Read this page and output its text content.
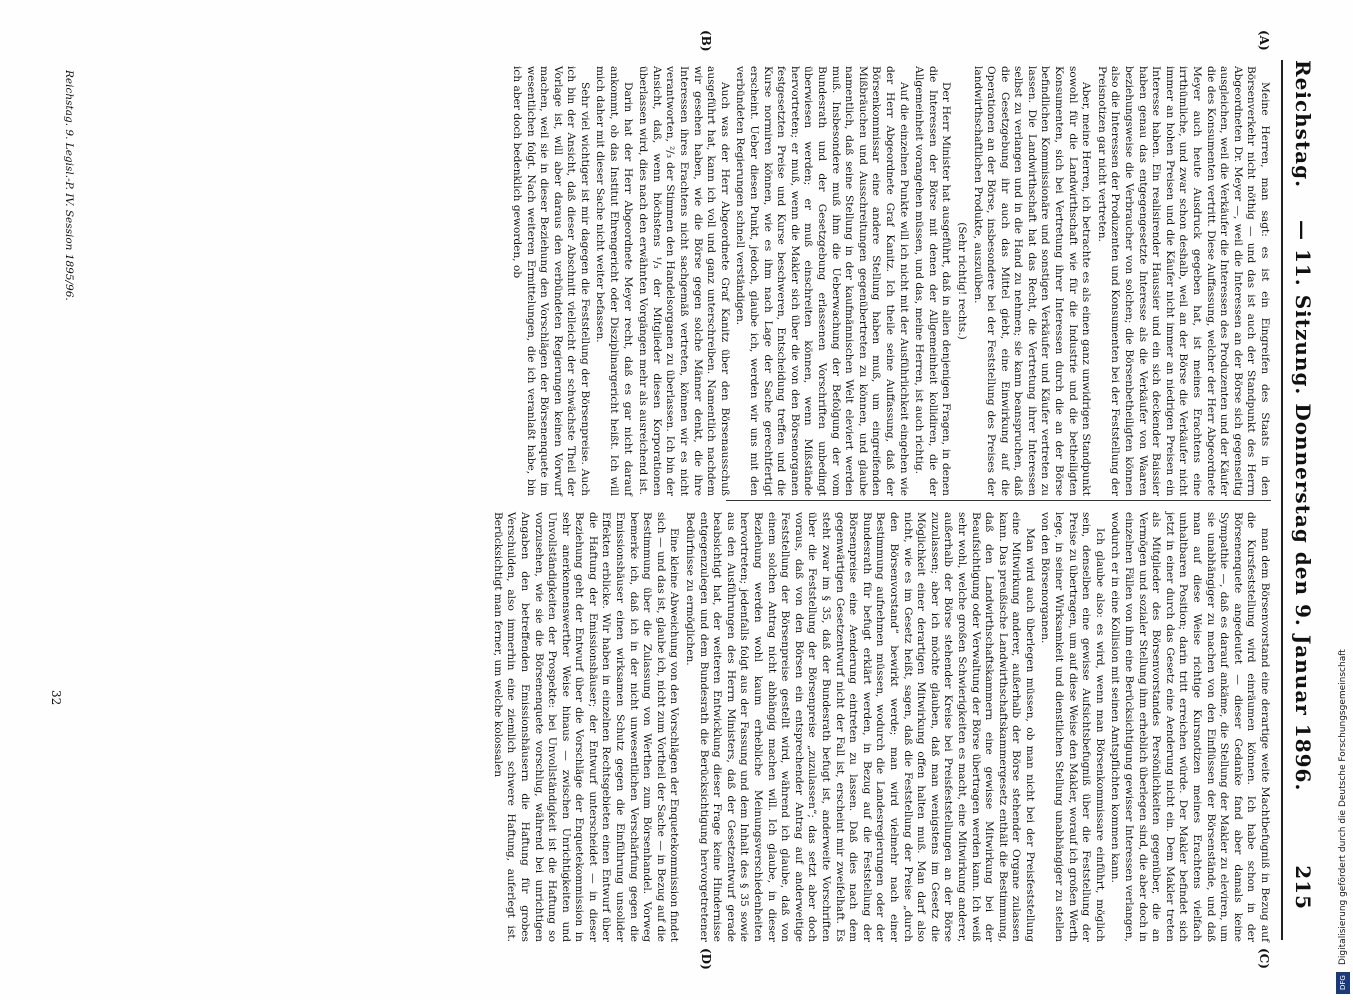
Reichstag.
— 11. Sitzung. Donnerstag den 9. Januar 1896.
215
(A)
(B)
(C)
(D)

Meine Herren, man sagt: es ist ein Eingreifen des Staats in den Börsenverkehr nicht nöthig — und das ist auch der Standpunkt des Herrn Abgeordneten Dr. Meyer —, weil die Interessen an der Börse sich gegenseitig ausgleichen, weil die Verkäufer die Interessen des Produzenten und der Käufer die des Konsumenten vertritt. Diese Auffassung, welcher der Herr Abgeordnete Meyer auch heute Ausdruck gegeben hat, ist meines Erachtens eine irrthümliche, und zwar schon deshalb, weil an der Börse die Verkäufer nicht immer an hohen Preisen und die Käufer nicht immer an niedrigen Preisen ein Interesse haben. Ein realisirender Haussier und ein sich deckender Baissier haben genau das entgegengesetzte Interesse als die Verkäufer von Waaren beziehungsweise die Verbraucher von solchen; die Börsenbetheiligten können also die Interessen der Produzenten und Konsumenten bei der Feststellung der Preisnotizen gar nicht vertreten.

Aber, meine Herren, ich betrachte es als einen ganz unwidrigen Standpunkt sowohl für die Landwirthschaft wie für die Industrie und die betheiligten Konsumenten, sich bei Vertretung ihrer Interessen durch die an der Börse befindlichen Kommissionäre und sonstigen Verkäufer und Käufer vertreten zu lassen. Die Landwirthschaft hat das Recht, die Vertretung ihrer Interessen selbst zu verlangen und in die Hand zu nehmen; sie kann beanspruchen, daß die Gesetzgebung ihr auch das Mittel giebt, eine Einwirkung auf die Operationen an der Börse, insbesondere bei der Feststellung des Preises der landwirthschaftlichen Produkte, auszuüben.

(Sehr richtig! rechts.)

Der Herr Minister hat ausgeführt, daß in allen denjenigen Fragen, in denen die Interessen der Börse mit denen der Allgemeinheit kollidiren, die der Allgemeinheit vorangehen müssen, und das, meine Herren, ist auch richtig.

Auf die einzelnen Punkte will ich nicht mit der Ausführlichkeit eingehen wie der Herr Abgeordnete Graf Kanitz. Ich theile seine Auffassung, daß der Börsenkommissar eine andere Stellung haben muß, um eingreifenden Mißbräuchen und Ausschreitungen gegenübertreten zu können, und glaube namentlich, daß seine Stellung in der kaufmännischen Welt eleviert werden muß. Insbesondere muß ihm die Ueberwachung der Befolgung der vom Bundesrath und der Gesetzgebung erlassenen Vorschriften unbedingt überwiesen werden; er muß einschreiten können, wenn Mißstände hervortreten; er muß, wenn die Makler sich über die von den Börsenorganen festgesetzten Preise und Kurse beschweren, Entscheidung treffen und die Kurse normiren können, wie es ihm nach Lage der Sache gerechtfertigt erscheint. Ueber diesen Punkt, jedoch, glaube ich, werden wir uns mit den verbündeten Regierungen schnell verständigen.

Auch was der Herr Abgeordnete Graf Kanitz über den Börsenausschuß ausgeführt hat, kann ich voll und ganz unterschreiben. Namentlich nachdem wir gesehen haben, wie die Börse gegen solche Männer denkt, die ihre Interessen ihres Erachtens nicht sachgemäß vertreten, können wir es nicht verantworten, ²/₃ der Stimmen den Handelsorganen zu überlassen. Ich bin der Ansicht, daß, wenn höchstens ¹/₃ der Mitglieder diesen Korporationen überlassen wird, dies nach den erwähnten Vorgängen mehr als ausreichend ist.

Darin hat der Herr Abgeordnete Meyer recht, daß es gar nicht darauf ankommt, ob das Institut Ehrengericht oder Disziplinargericht heißt. Ich will mich daher mit dieser Sache nicht weiter befassen.

Sehr viel wichtiger ist mir dagegen die Feststellung der Börsenpreise. Auch ich bin der Ansicht, daß dieser Abschnitt vielleicht der schwächste Theil der Vorlage ist, will aber daraus den verbündeten Regierungen keinen Vorwurf machen, weil sie in dieser Beziehung den Vorschlägen der Börsenenquete im wesentlichen folgt. Nach weiteren Ermittelungen, die ich veranlaßt habe, bin ich aber doch bedenklich geworden, ob

man dem Börsenvorstand eine derartige weite Machtbefugniß in Bezug auf die Kursfeststellung wird einräumen können. Ich habe schon in der Börsenenquete angedeutet — dieser Gedanke fand aber damals keine Sympathie —, daß es darauf ankäme, die Stellung der Makler zu eleviren, um sie unabhängiger zu machen von den Einflüssen der Börsenstände, und daß man auf diese Weise richtige Kursnotizen meines Erachtens vielfach unhaltbaren Position; darin tritt erreichen würde. Der Makler befindet sich jetzt in einer durch das Gesetz eine Aenderung nicht ein. Dem Makler treten als Mitglieder des Börsenvorstandes Persönlichkeiten gegenüber, die an Vermögen und sozialer Stellung ihm erheblich überlegen sind, die aber doch in einzelnen Fällen von ihm eine Berücksichtigung gewisser Interessen verlangen, wodurch er in eine Kollision mit seinen Amtspflichten kommen kann.

Ich glaube also: es wird, wenn man Börsenkommissare einführt, möglich sein, denselben eine gewisse Aufsichtsbefugniß über die Feststellung der Preise zu übertragen, um auf diese Weise den Makler, worauf ich großen Werth lege, in seiner Wirksamkeit und dienstlichen Stellung unabhängiger zu stellen von den Börsenorganen.

Man wird auch überlegen müssen, ob man nicht bei der Preisfeststellung eine Mitwirkung anderer, außerhalb der Börse stehender Organe zulassen kann. Das preußische Landwirthschaftskammergesetz enthält die Bestimmung, daß den Landwirthschaftskammern eine gewisse Mitwirkung bei der Beaufsichtigung oder Verwaltung der Börse übertragen werden kann. Ich weiß sehr wohl, welche großen Schwierigkeiten es macht, eine Mitwirkung anderer, außerhalb der Börse stehender Kreise bei Preisfeststellungen an der Börse zuzulassen; aber ich möchte glauben, daß man wenigstens im Gesetz die Möglichkeit einer derartigen Mitwirkung offen halten muß. Man darf also nicht, wie es im Gesetz heißt, sagen, daß die Feststellung der Preise „durch den Börsenvorstand“ bewirkt werde; man wird vielmehr nach einer Bestimmung aufnehmen müssen, wodurch die Landesregierungen oder der Bundesrath für befugt erklärt werden, in Bezug auf die Feststellung der Börsenpreise eine Aenderung eintreten zu lassen. Daß dies nach dem gegenwärtigen Gesetzentwurf nicht der Fall ist, erscheint mir zweifelhaft. Es steht zwar im § 35, daß der Bundesrath befugt ist, anderweite Vorschriften über die Feststellung der Börsenpreise „zuzulassen“; das setzt aber doch voraus, daß von den Börsen ein entsprechender Antrag auf anderweitige Feststellung der Börsenpreise gestellt wird, während ich glaube, daß von einem solchen Antrag nicht abhängig machen will. Ich glaube, in dieser Beziehung werden wohl kaum erhebliche Meinungsverschiedenheiten hervortreten; jedenfalls folgt aus der Fassung und dem Inhalt des § 35 sowie aus den Ausführungen des Herrn Ministers, daß der Gesetzentwurf gerade beabsichtigt hat, der weiteren Entwicklung dieser Frage keine Hindernisse entgegenzulegen und dem Bundesrath die Berücksichtigung hervorgetretener Bedürfnisse zu ermöglichen.

Eine kleine Abweichung von den Vorschlägen der Enquetekommission findet sich — und das ist, glaube ich, nicht zum Vortheil der Sache — in Bezug auf die Bestimmung über die Zulassung von Werthen zum Börsenhandel. Vorweg bemerke ich, daß ich in der nicht unwesentlichen Verschärfung gegen die Emissionshäuser einen wirksamen Schutz gegen die Einführung unsolider Effekten erblicke. Wir haben in einzelnen Rechtsgebieten einen Entwurf über die Haftung der Emissionshäuser; der Entwurf unterscheidet — in dieser Beziehung geht der Entwurf über die Vorschläge der Enquetekommission in sehr anerkennenswerther Weise hinaus — zwischen Unrichtigkeiten und Unvollständigkeiten der Prospekte: bei Unvollständigkeit ist die Haftung so vorzusehen, wie sie die Börsenenquete vorschlug, während bei unrichtigen Angaben den betreffenden Emissionshäusern die Haftung für grobes Verschulden, also immerhin eine ziemlich schwere Haftung, auferlegt ist. Berücksichtigt man ferner, um welche kolossalen

Reichstag. 9. Legisl.-P. IV. Session 1895/96.
32	Digitalisierung gefördert durch die Deutsche Forschungsgemeinschaft
DFG
